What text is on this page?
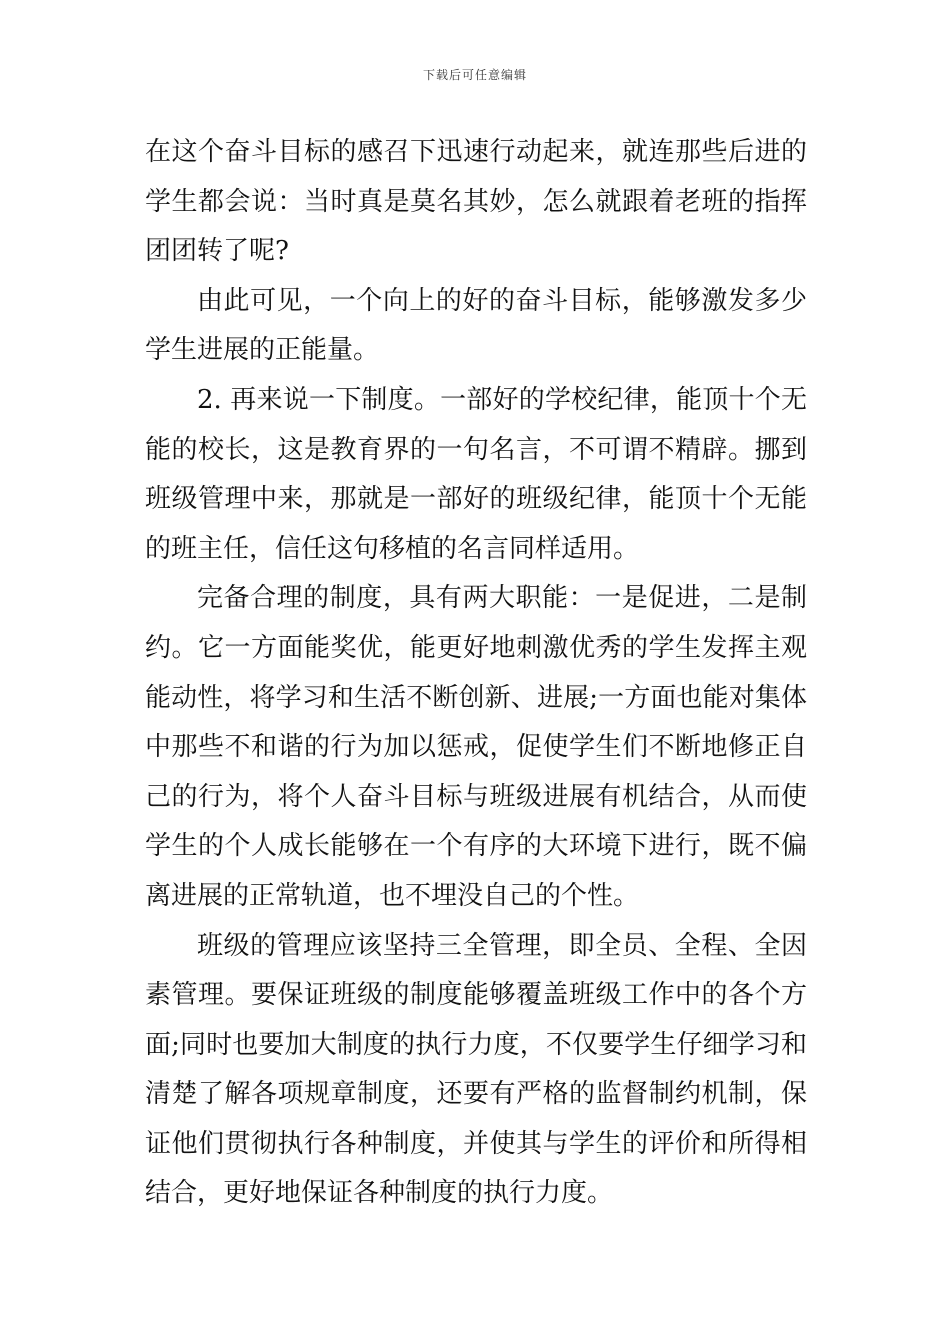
下载后可任意编辑

在这个奋斗目标的感召下迅速行动起来，就连那些后进的学生都会说：当时真是莫名其妙，怎么就跟着老班的指挥团团转了呢?

由此可见，一个向上的好的奋斗目标，能够激发多少学生进展的正能量。

2. 再来说一下制度。一部好的学校纪律，能顶十个无能的校长，这是教育界的一句名言，不可谓不精辟。挪到班级管理中来，那就是一部好的班级纪律，能顶十个无能的班主任，信任这句移植的名言同样适用。

完备合理的制度，具有两大职能：一是促进，二是制约。它一方面能奖优，能更好地刺激优秀的学生发挥主观能动性，将学习和生活不断创新、进展;一方面也能对集体中那些不和谐的行为加以惩戒，促使学生们不断地修正自己的行为，将个人奋斗目标与班级进展有机结合，从而使学生的个人成长能够在一个有序的大环境下进行，既不偏离进展的正常轨道，也不埋没自己的个性。

班级的管理应该坚持三全管理，即全员、全程、全因素管理。要保证班级的制度能够覆盖班级工作中的各个方面;同时也要加大制度的执行力度，不仅要学生仔细学习和清楚了解各项规章制度，还要有严格的监督制约机制，保证他们贯彻执行各种制度，并使其与学生的评价和所得相结合，更好地保证各种制度的执行力度。
